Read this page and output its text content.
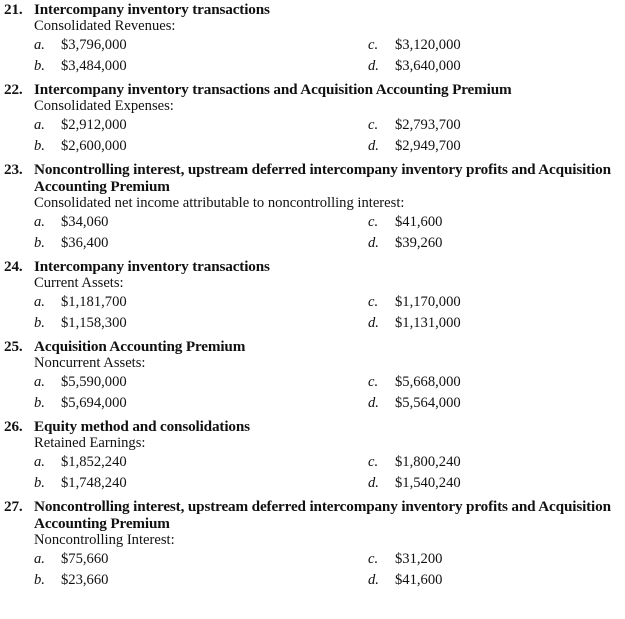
21. Intercompany inventory transactions
Consolidated Revenues:
a. $3,796,000	c. $3,120,000
b. $3,484,000	d. $3,640,000
22. Intercompany inventory transactions and Acquisition Accounting Premium
Consolidated Expenses:
a. $2,912,000	c. $2,793,700
b. $2,600,000	d. $2,949,700
23. Noncontrolling interest, upstream deferred intercompany inventory profits and Acquisition Accounting Premium
Consolidated net income attributable to noncontrolling interest:
a. $34,060	c. $41,600
b. $36,400	d. $39,260
24. Intercompany inventory transactions
Current Assets:
a. $1,181,700	c. $1,170,000
b. $1,158,300	d. $1,131,000
25. Acquisition Accounting Premium
Noncurrent Assets:
a. $5,590,000	c. $5,668,000
b. $5,694,000	d. $5,564,000
26. Equity method and consolidations
Retained Earnings:
a. $1,852,240	c. $1,800,240
b. $1,748,240	d. $1,540,240
27. Noncontrolling interest, upstream deferred intercompany inventory profits and Acquisition Accounting Premium
Noncontrolling Interest:
a. $75,660	c. $31,200
b. $23,660	d. $41,600
